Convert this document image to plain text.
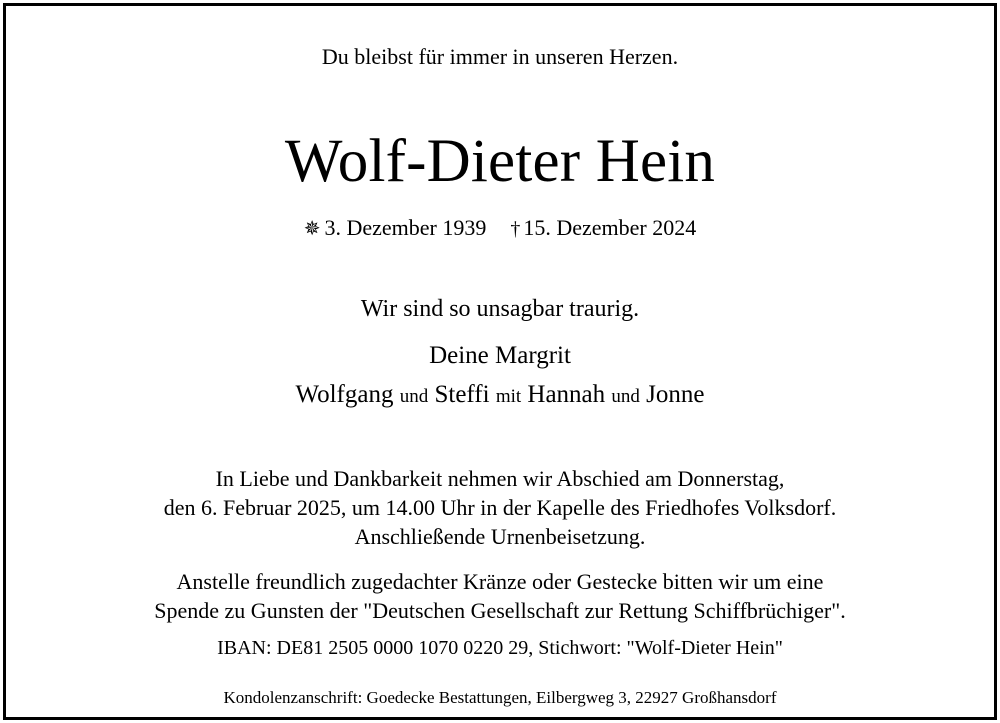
Du bleibst für immer in unseren Herzen.
Wolf-Dieter Hein
✵ 3. Dezember 1939 † 15. Dezember 2024
Wir sind so unsagbar traurig.
Deine Margrit
Wolfgang und Steffi mit Hannah und Jonne
In Liebe und Dankbarkeit nehmen wir Abschied am Donnerstag,
den 6. Februar 2025, um 14.00 Uhr in der Kapelle des Friedhofes Volksdorf.
Anschließende Urnenbeisetzung.
Anstelle freundlich zugedachter Kränze oder Gestecke bitten wir um eine
Spende zu Gunsten der "Deutschen Gesellschaft zur Rettung Schiffbrüchiger".
IBAN: DE81 2505 0000 1070 0220 29, Stichwort: "Wolf-Dieter Hein"
Kondolenzanschrift: Goedecke Bestattungen, Eilbergweg 3, 22927 Großhansdorf
